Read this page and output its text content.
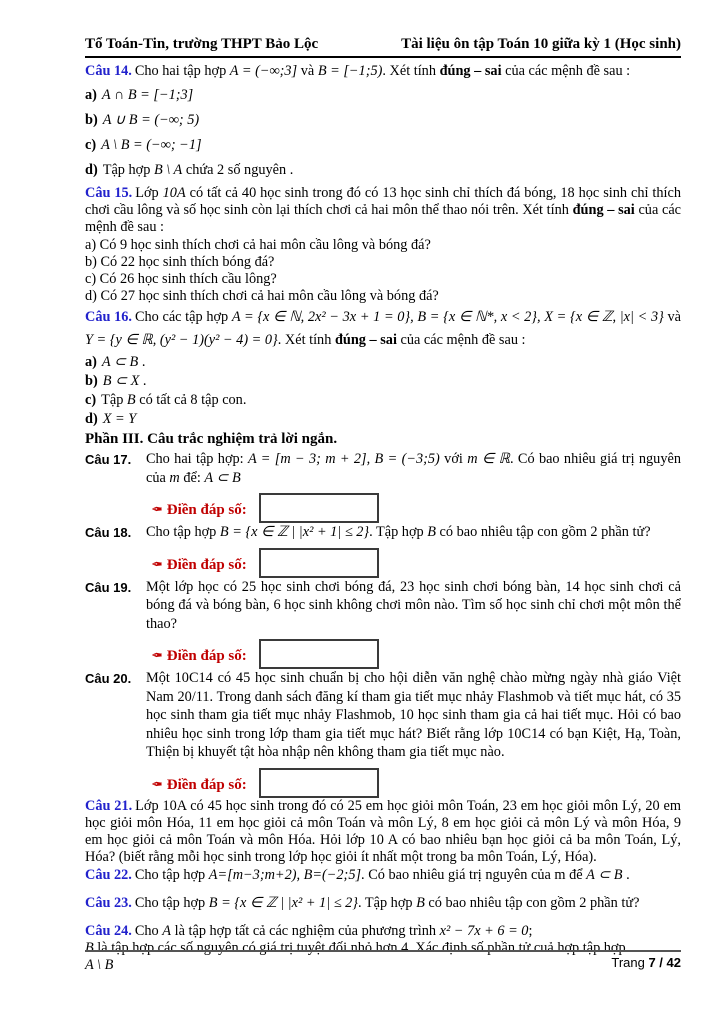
Tổ Toán-Tin, trường THPT Bảo Lộc	Tài liệu ôn tập Toán 10 giữa kỳ 1 (Học sinh)

Câu 14. Cho hai tập hợp A = (−∞;3] và B = [−1;5). Xét tính đúng – sai của các mệnh đề sau :

a) A ∩ B = [−1;3]
b) A ∪ B = (−∞; 5)
c) A \ B = (−∞; −1]
d) Tập hợp B \ A chứa 2 số nguyên .

Câu 15. Lớp 10A có tất cả 40 học sinh trong đó có 13 học sinh chỉ thích đá bóng, 18 học sinh chỉ thích chơi cầu lông và số học sinh còn lại thích chơi cả hai môn thể thao nói trên. Xét tính đúng – sai của các mệnh đề sau :

a) Có 9 học sinh thích chơi cả hai môn cầu lông và bóng đá?
b) Có 22 học sinh thích bóng đá?
c) Có 26 học sinh thích cầu lông?
d) Có 27 học sinh thích chơi cả hai môn cầu lông và bóng đá?

Câu 16. Cho các tập hợp A = {x ∈ ℕ, 2x² − 3x + 1 = 0}, B = {x ∈ ℕ*, x < 2}, X = {x ∈ ℤ, |x| < 3} và Y = {y ∈ ℝ, (y² − 1)(y² − 4) = 0}. Xét tính đúng – sai của các mệnh đề sau :

a) A ⊂ B .
b) B ⊂ X .
c) Tập B có tất cả 8 tập con.
d) X = Y
Phần III. Câu trắc nghiệm trả lời ngắn.
Câu 17. Cho hai tập hợp: A = [m − 3; m + 2], B = (−3;5) với m ∈ ℝ. Có bao nhiêu giá trị nguyên của m để: A ⊂ B
✒ Điền đáp số:
Câu 18. Cho tập hợp B = {x ∈ ℤ | |x² + 1| ≤ 2}. Tập hợp B có bao nhiêu tập con gồm 2 phần tử?
✒ Điền đáp số:
Câu 19. Một lớp học có 25 học sinh chơi bóng đá, 23 học sinh chơi bóng bàn, 14 học sinh chơi cả bóng đá và bóng bàn, 6 học sinh không chơi môn nào. Tìm số học sinh chỉ chơi một môn thể thao?
✒ Điền đáp số:
Câu 20. Một 10C14 có 45 học sinh chuẩn bị cho hội diễn văn nghệ chào mừng ngày nhà giáo Việt Nam 20/11. Trong danh sách đăng kí tham gia tiết mục nhảy Flashmob và tiết mục hát, có 35 học sinh tham gia tiết mục nhảy Flashmob, 10 học sinh tham gia cả hai tiết mục. Hỏi có bao nhiêu học sinh trong lớp tham gia tiết mục hát? Biết rằng lớp 10C14 có bạn Kiệt, Hạ, Toàn, Thiện bị khuyết tật hòa nhập nên không tham gia tiết mục nào.
✒ Điền đáp số:

Câu 21. Lớp 10A có 45 học sinh trong đó có 25 em học giỏi môn Toán, 23 em học giỏi môn Lý, 20 em học giỏi môn Hóa, 11 em học giỏi cả môn Toán và môn Lý, 8 em học giỏi cả môn Lý và môn Hóa, 9 em học giỏi cả môn Toán và môn Hóa. Hỏi lớp 10 A có bao nhiêu bạn học giỏi cả ba môn Toán, Lý, Hóa? (biết rằng mỗi học sinh trong lớp học giỏi ít nhất một trong ba môn Toán, Lý, Hóa).

Câu 22. Cho tập hợp A=[m−3;m+2), B=(−2;5]. Có bao nhiêu giá trị nguyên của m để A ⊂ B .

Câu 23. Cho tập hợp B = {x ∈ ℤ | |x² + 1| ≤ 2}. Tập hợp B có bao nhiêu tập con gồm 2 phần tử?

Câu 24. Cho A là tập hợp tất cả các nghiệm của phương trình x² − 7x + 6 = 0;
B là tập hợp các số nguyên có giá trị tuyệt đối nhỏ hơn 4. Xác định số phần tử cuả hợp tập hợp
A \ B	Trang 7 / 42
